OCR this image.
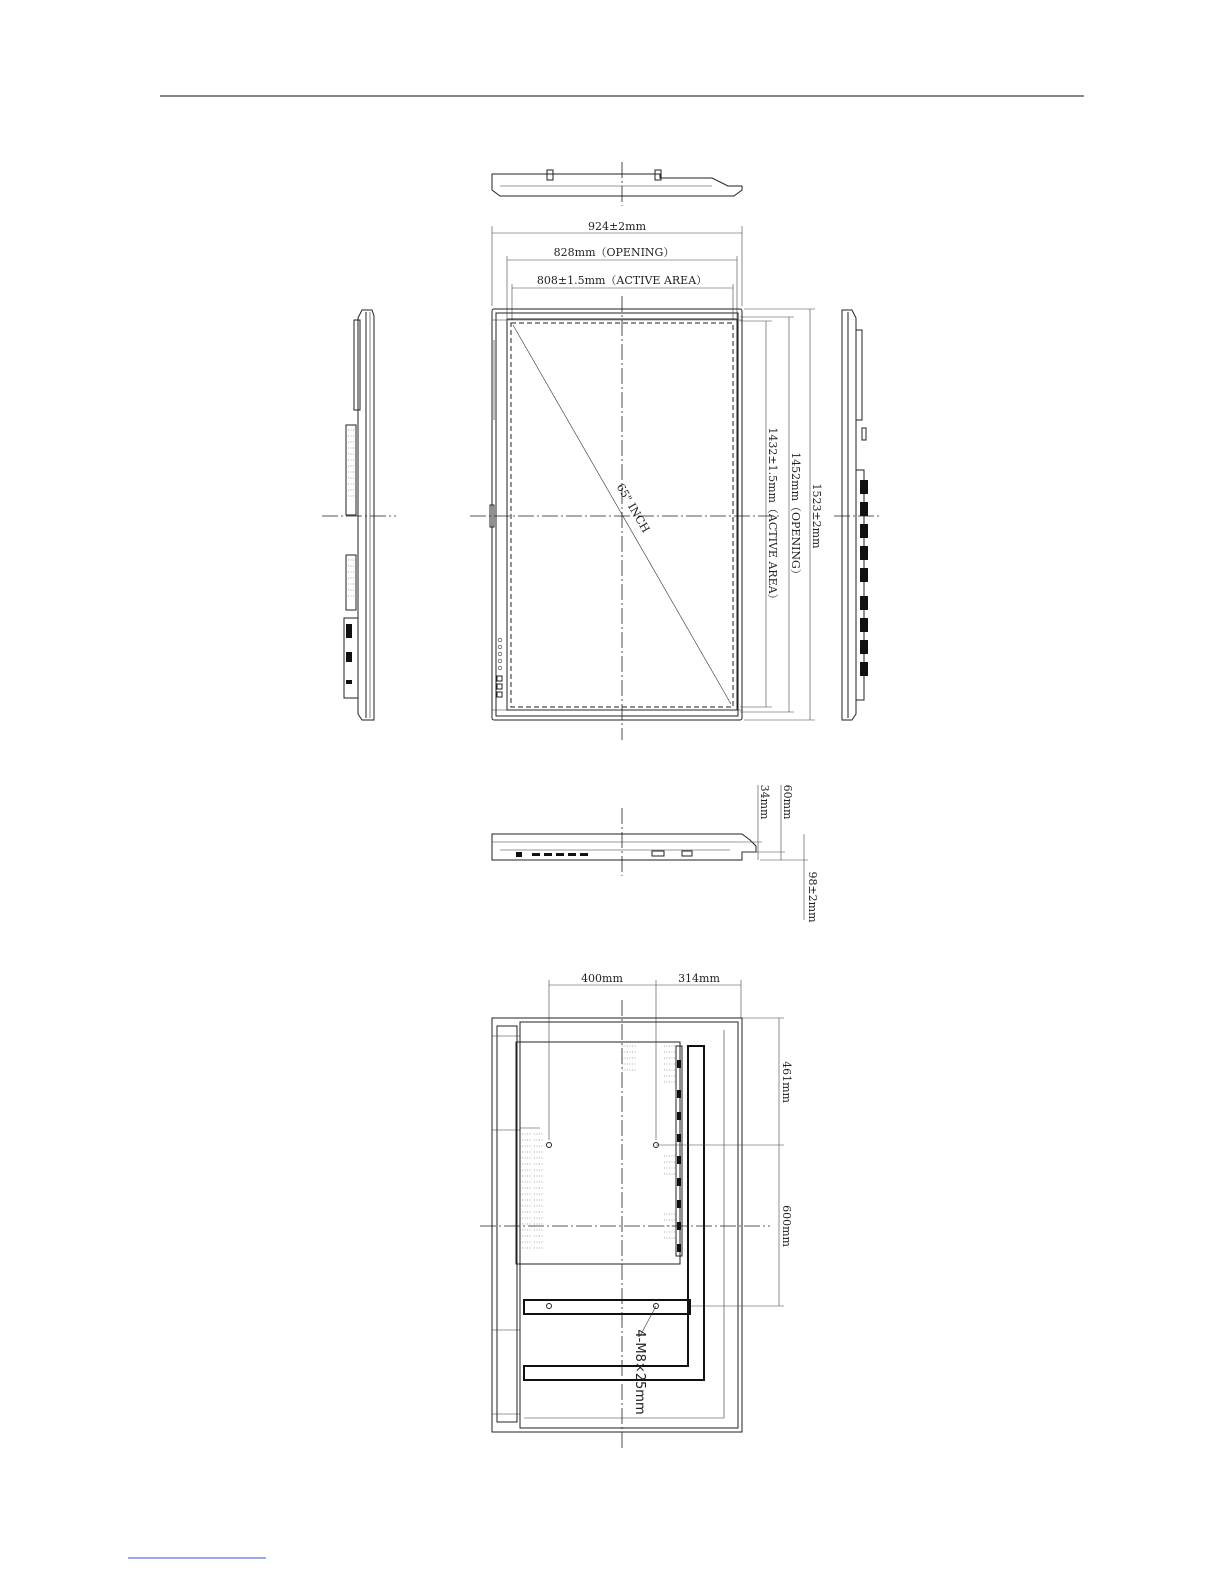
924±2mm
828mm（OPENING）
808±1.5mm（ACTIVE AREA）
1432±1.5mm（ACTIVE AREA） 1452mm（OPENING） 1523±2mm
65" INCH
34mm 60mm
98±2mm
400mm	314mm
461mm
600mm
4-M8×25mm
